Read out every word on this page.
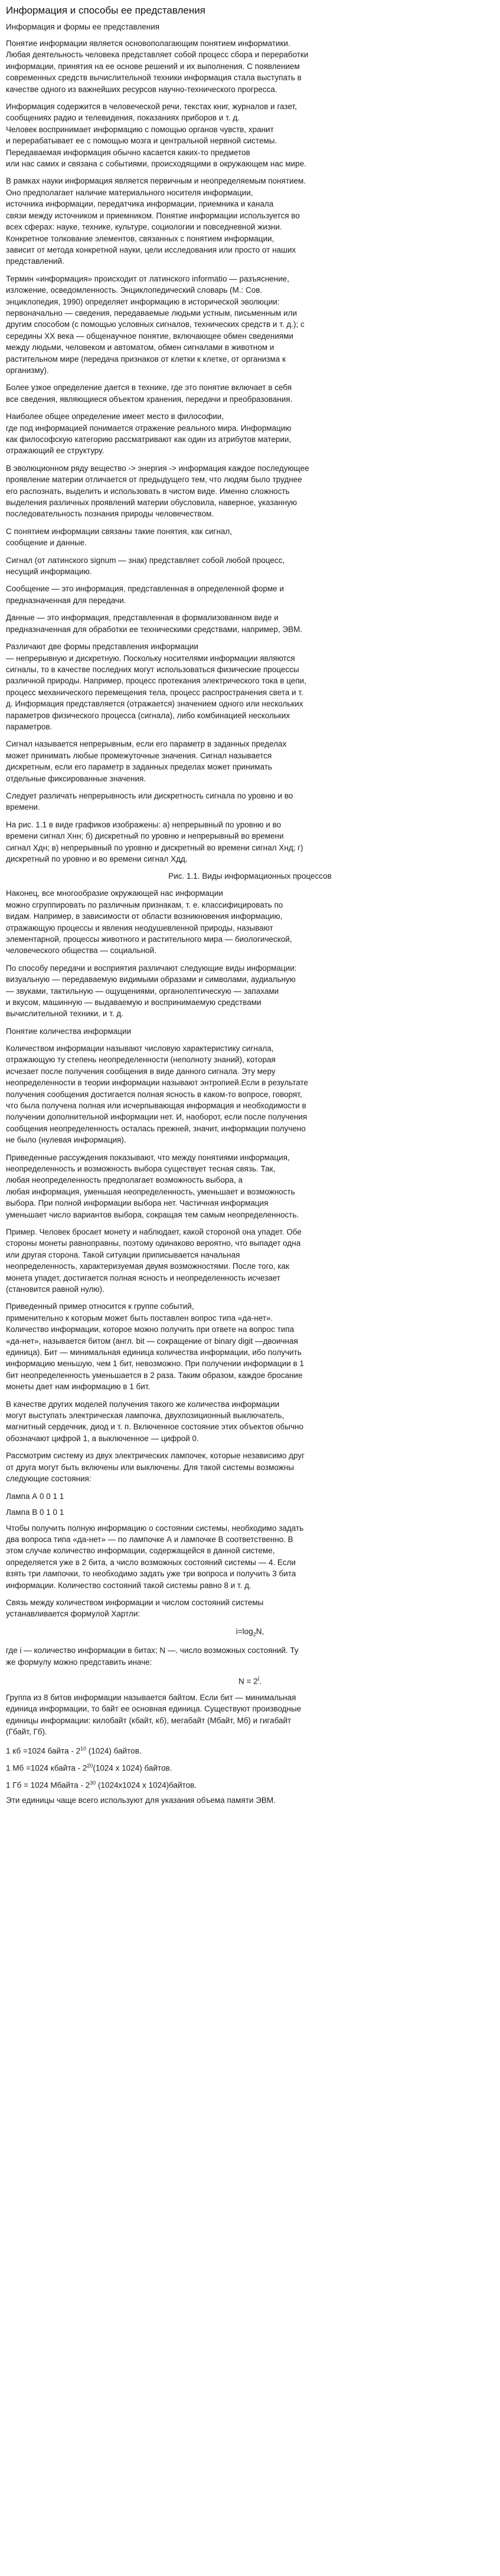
Информация и способы ее представления
Информация и формы ее представления
Понятие информации является основополагающим понятием информатики.
Любая деятельность человека представляет собой процесс сбора и переработки
информации, принятия на ее основе решений и их выполнения. С появлением
современных средств вычислительной техники информация стала выступать в
качестве одного из важнейших ресурсов научно-технического прогресса.
Информация содержится в человеческой речи, текстах книг, журналов и газет,
сообщениях радио и телевидения, показаниях приборов и т. д.
Человек воспринимает информацию с помощью органов чувств, хранит
и перерабатывает ее с помощью мозга и центральной нервной системы.
Передаваемая информация обычно касается каких-то предметов
или нас самих и связана с событиями, происходящими в окружающем нас мире.
В рамках науки информация является первичным и неопределяемым понятием.
Оно предполагает наличие материального носителя информации,
источника информации, передатчика информации, приемника и канала
связи между источником и приемником. Понятие информации используется во
всех сферах: науке, технике, культуре, социологии и повседневной жизни.
Конкретное толкование элементов, связанных с понятием информации,
зависит от метода конкретной науки, цели исследования или просто от наших
представлений.
Термин «информация» происходит от латинского informatio — разъяснение,
изложение, осведомленность. Энциклопедический словарь (М.: Сов.
энциклопедия, 1990) определяет информацию в исторической эволюции:
первоначально — сведения, передаваемые людьми устным, письменным или
другим способом (с помощью условных сигналов, технических средств и т. д.); с
середины XX века — общенаучное понятие, включающее обмен сведениями
между людьми, человеком и автоматом, обмен сигналами в животном и
растительном мире (передача признаков от клетки к клетке, от организма к
организму).
Более узкое определение дается в технике, где это понятие включает в себя
все сведения, являющиеся объектом хранения, передачи и преобразования.
Наиболее общее определение имеет место в философии,
где под информацией понимается отражение реального мира. Информацию
как философскую категорию рассматривают как один из атрибутов материи,
отражающий ее структуру.
В эволюционном ряду вещество -> энергия -> информация каждое последующее
проявление материи отличается от предыдущего тем, что людям было труднее
его распознать, выделить и использовать в чистом виде. Именно сложность
выделения различных проявлений материи обусловила, наверное, указанную
последовательность познания природы человечеством.
С понятием информации связаны такие понятия, как сигнал,
сообщение и данные.
Сигнал (от латинского signum — знак) представляет собой любой процесс,
несущий информацию.
Сообщение — это информация, представленная в определенной форме и
предназначенная для передачи.
Данные — это информация, представленная в формализованном виде и
предназначенная для обработки ее техническими средствами, например, ЭВМ.
Различают две формы представления информации
— непрерывную и дискретную. Поскольку носителями информации являются
сигналы, то в качестве последних могут использоваться физические процессы
различной природы. Например, процесс протекания электрического тока в цепи,
процесс механического перемещения тела, процесс распространения света и т.
д. Информация представляется (отражается) значением одного или нескольких
параметров физического процесса (сигнала), либо комбинацией нескольких
параметров.
Сигнал называется непрерывным, если его параметр в заданных пределах
может принимать любые промежуточные значения. Сигнал называется
дискретным, если его параметр в заданных пределах может принимать
отдельные фиксированные значения.
Следует различать непрерывность или дискретность сигнала по уровню и во
времени.
На рис. 1.1 в виде графиков изображены: а) непрерывный по уровню и во
времени сигнал Хнн; б) дискретный по уровню и непрерывный во времени
сигнал Хдн; в) непрерывный по уровню и дискретный во времени сигнал Хнд; г)
дискретный по уровню и во времени сигнал Хдд.
Рис. 1.1. Виды информационных процессов
Наконец, все многообразие окружающей нас информации
можно сгруппировать по различным признакам, т. е. классифицировать по
видам. Например, в зависимости от области возникновения информацию,
отражающую процессы и явления неодушевленной природы, называют
элементарной, процессы животного и растительного мира — биологической,
человеческого общества — социальной.
По способу передачи и восприятия различают следующие виды информации:
визуальную — передаваемую видимыми образами и символами, аудиальную
— звуками, тактильную — ощущениями, органолептическую — запахами
и вкусом, машинную — выдаваемую и воспринимаемую средствами
вычислительной техники, и т. д.
Понятие количества информации
Количеством информации называют числовую характеристику сигнала,
отражающую ту степень неопределенности (неполноту знаний), которая
исчезает после получения сообщения в виде данного сигнала. Эту меру
неопределенности в теории информации называют энтропией.Если в результате
получения сообщения достигается полная ясность в каком-то вопросе, говорят,
что была получена полная или исчерпывающая информация и необходимости в
получении дополнительной информации нет. И, наоборот, если после получения
сообщения неопределенность осталась прежней, значит, информации получено
не было (нулевая информация).
Приведенные рассуждения показывают, что между понятиями информация,
неопределенность и возможность выбора существует тесная связь. Так,
любая неопределенность предполагает возможность выбора, а
любая информация, уменьшая неопределенность, уменьшает и возможность
выбора. При полной информации выбора нет. Частичная информация
уменьшает число вариантов выбора, сокращая тем самым неопределенность.
Пример. Человек бросает монету и наблюдает, какой стороной она упадет. Обе
стороны монеты равноправны, поэтому одинаково вероятно, что выпадет одна
или другая сторона. Такой ситуации приписывается начальная
неопределенность, характеризуемая двумя возможностями. После того, как
монета упадет, достигается полная ясность и неопределенность исчезает
(становится равной нулю).
Приведенный пример относится к группе событий,
применительно к которым может быть поставлен вопрос типа «да-нет».
Количество информации, которое можно получить при ответе на вопрос типа
«да-нет», называется битом (англ. bit — сокращение от binary digit —двоичная
единица). Бит — минимальная единица количества информации, ибо получить
информацию меньшую, чем 1 бит, невозможно. При получении информации в 1
бит неопределенность уменьшается в 2 раза. Таким образом, каждое бросание
монеты дает нам информацию в 1 бит.
В качестве других моделей получения такого же количества информации
могут выступать электрическая лампочка, двухпозиционный выключатель,
магнитный сердечник, диод и т. п. Включенное состояние этих объектов обычно
обозначают цифрой 1, а выключенное — цифрой 0.
Рассмотрим систему из двух электрических лампочек, которые независимо друг
от друга могут быть включены или выключены. Для такой системы возможны
следующие состояния:
Лампа А 0 0 1 1
Лампа В 0 1 0 1
Чтобы получить полную информацию о состоянии системы, необходимо задать
два вопроса типа «да-нет» — по лампочке А и лампочке В соответственно. В
этом случае количество информации, содержащейся в данной системе,
определяется уже в 2 бита, а число возможных состояний системы — 4. Если
взять три лампочки, то необходимо задать уже три вопроса и получить 3 бита
информации. Количество состояний такой системы равно 8 и т. д.
Связь между количеством информации и числом состояний системы
устанавливается формулой Хартли:
$i=\log_2N$,
где i — количество информации в битах; N —. число возможных состояний. Ту
же формулу можно представить иначе:
$N = 2^i$.
Группа из 8 битов информации называется байтом. Если бит — минимальная
единица информации, то байт ее основная единица. Существуют производные
единицы информации: килобайт (кбайт, кб), мегабайт (Мбайт, Мб) и гигабайт
(Гбайт, Гб).
1 кб =1024 байта - $2^{10}$ (1024) байтов.
1 Мб =1024 кбайта - $2^{20}(1024$ х 1024) байтов.
1 Гб = 1024 Мбайта - $2^{30}$ (1024х1024 х 1024)байтов.
Эти единицы чаще всего используют для указания объема памяти ЭВМ.
